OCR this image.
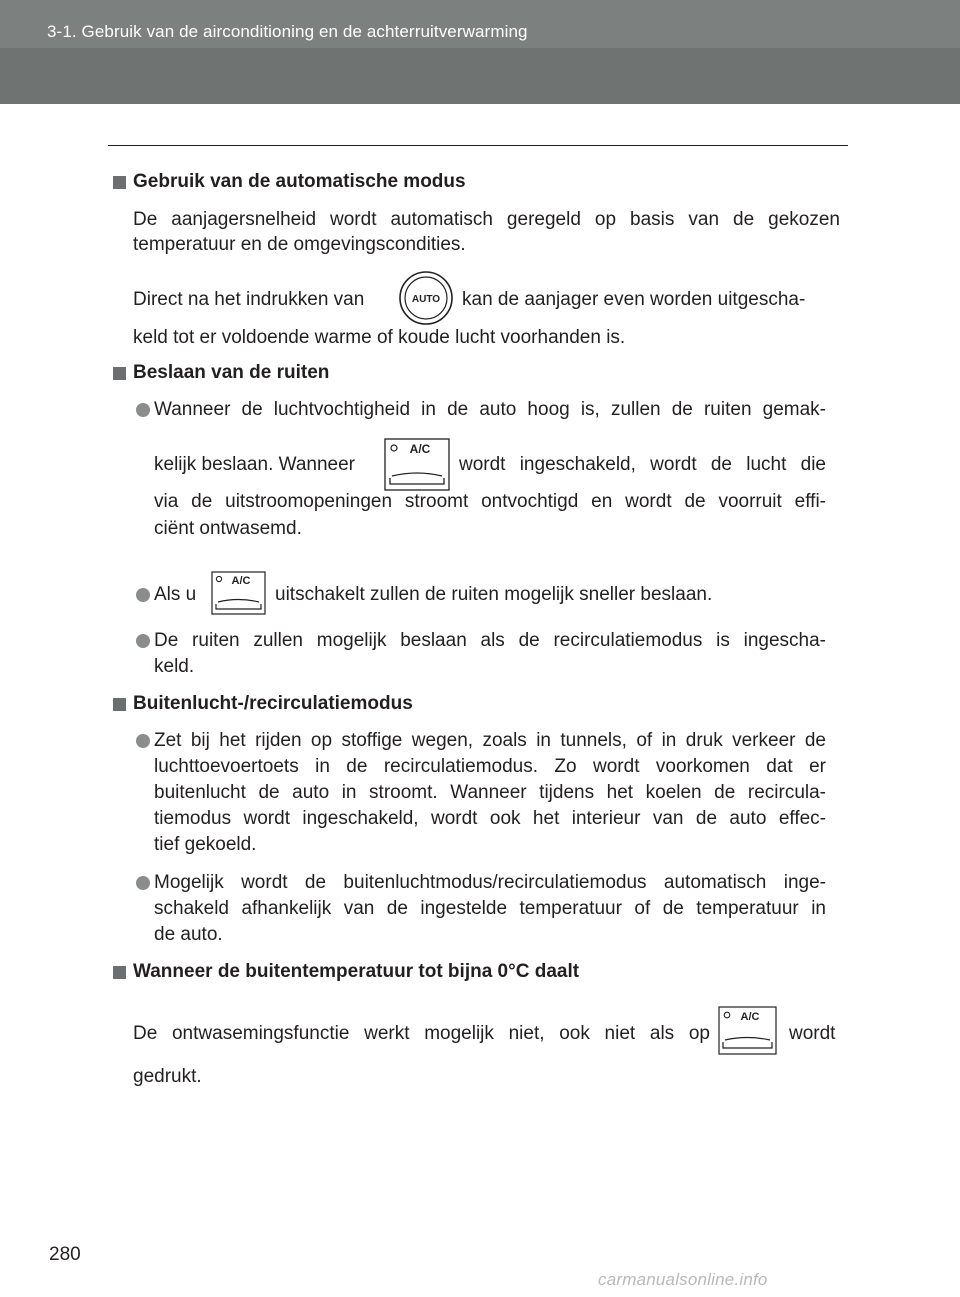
3-1. Gebruik van de airconditioning en de achterruitverwarming
Gebruik van de automatische modus
De aanjagersnelheid wordt automatisch geregeld op basis van de gekozen
temperatuur en de omgevingscondities.
Direct na het indrukken van	AUTO kan de aanjager even worden uitgescha-
keld tot er voldoende warme of koude lucht voorhanden is.
Beslaan van de ruiten
Wanneer de luchtvochtigheid in de auto hoog is, zullen de ruiten gemak-
kelijk beslaan. Wanneer
A/C
wordt ingeschakeld, wordt de lucht die
via de uitstroomopeningen stroomt ontvochtigd en wordt de voorruit effi-
ciënt ontwasemd.
Als u
A/C
uitschakelt zullen de ruiten mogelijk sneller beslaan.
De ruiten zullen mogelijk beslaan als de recirculatiemodus is ingescha-
keld.
Buitenlucht-/recirculatiemodus
Zet bij het rijden op stoffige wegen, zoals in tunnels, of in druk verkeer de
luchttoevoertoets in de recirculatiemodus. Zo wordt voorkomen dat er
buitenlucht de auto in stroomt. Wanneer tijdens het koelen de recircula-
tiemodus wordt ingeschakeld, wordt ook het interieur van de auto effec-
tief gekoeld.
Mogelijk wordt de buitenluchtmodus/recirculatiemodus automatisch inge-
schakeld afhankelijk van de ingestelde temperatuur of de temperatuur in
de auto.
Wanneer de buitentemperatuur tot bijna 0°C daalt
De ontwasemingsfunctie werkt mogelijk niet, ook niet als op
A/C
wordt
gedrukt.
280
carmanualsonline.info
